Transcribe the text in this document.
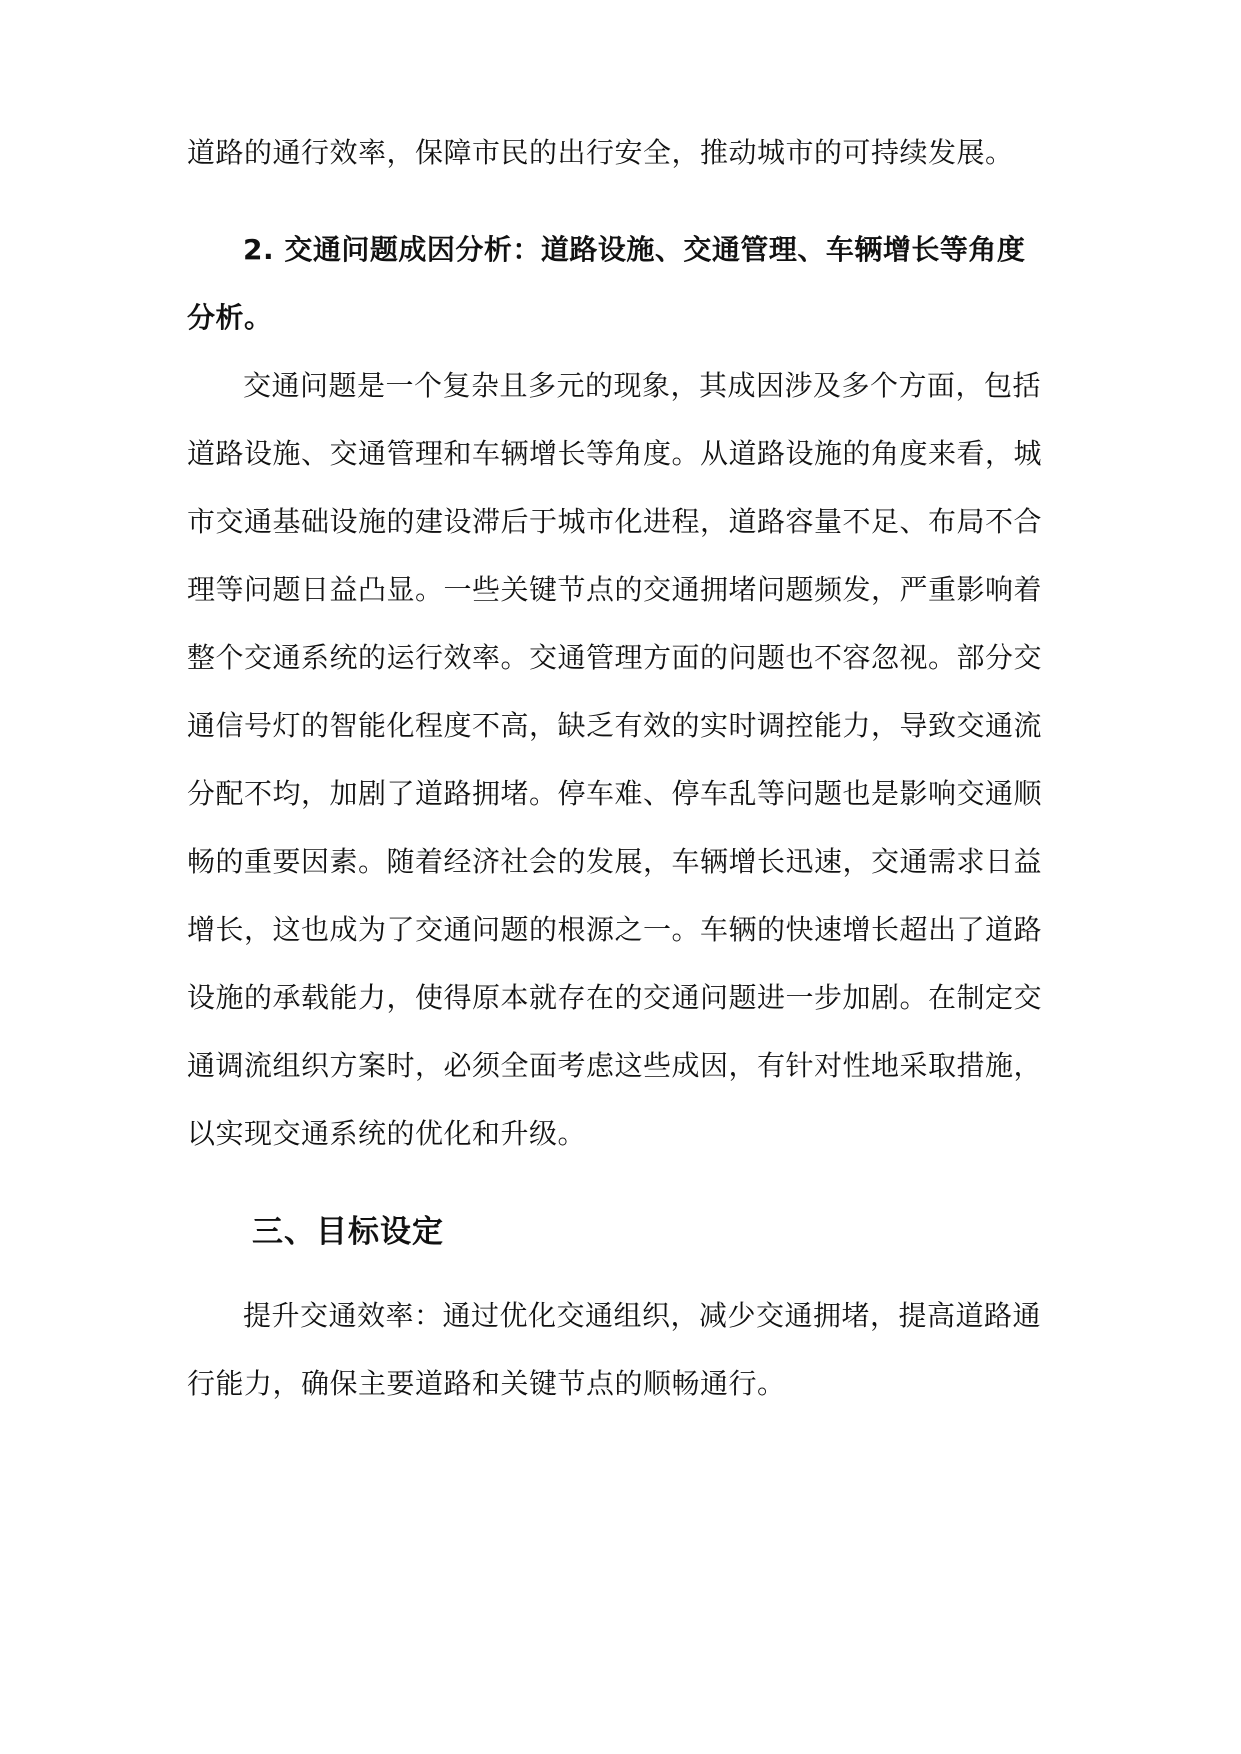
道路的通行效率，保障市民的出行安全，推动城市的可持续发展。
2. 交通问题成因分析：道路设施、交通管理、车辆增长等角度
分析。
交通问题是一个复杂且多元的现象，其成因涉及多个方面，包括
道路设施、交通管理和车辆增长等角度。从道路设施的角度来看，城
市交通基础设施的建设滞后于城市化进程，道路容量不足、布局不合
理等问题日益凸显。一些关键节点的交通拥堵问题频发，严重影响着
整个交通系统的运行效率。交通管理方面的问题也不容忽视。部分交
通信号灯的智能化程度不高，缺乏有效的实时调控能力，导致交通流
分配不均，加剧了道路拥堵。停车难、停车乱等问题也是影响交通顺
畅的重要因素。随着经济社会的发展，车辆增长迅速，交通需求日益
增长，这也成为了交通问题的根源之一。车辆的快速增长超出了道路
设施的承载能力，使得原本就存在的交通问题进一步加剧。在制定交
通调流组织方案时，必须全面考虑这些成因，有针对性地采取措施，
以实现交通系统的优化和升级。
三、目标设定
提升交通效率：通过优化交通组织，减少交通拥堵，提高道路通
行能力，确保主要道路和关键节点的顺畅通行。
